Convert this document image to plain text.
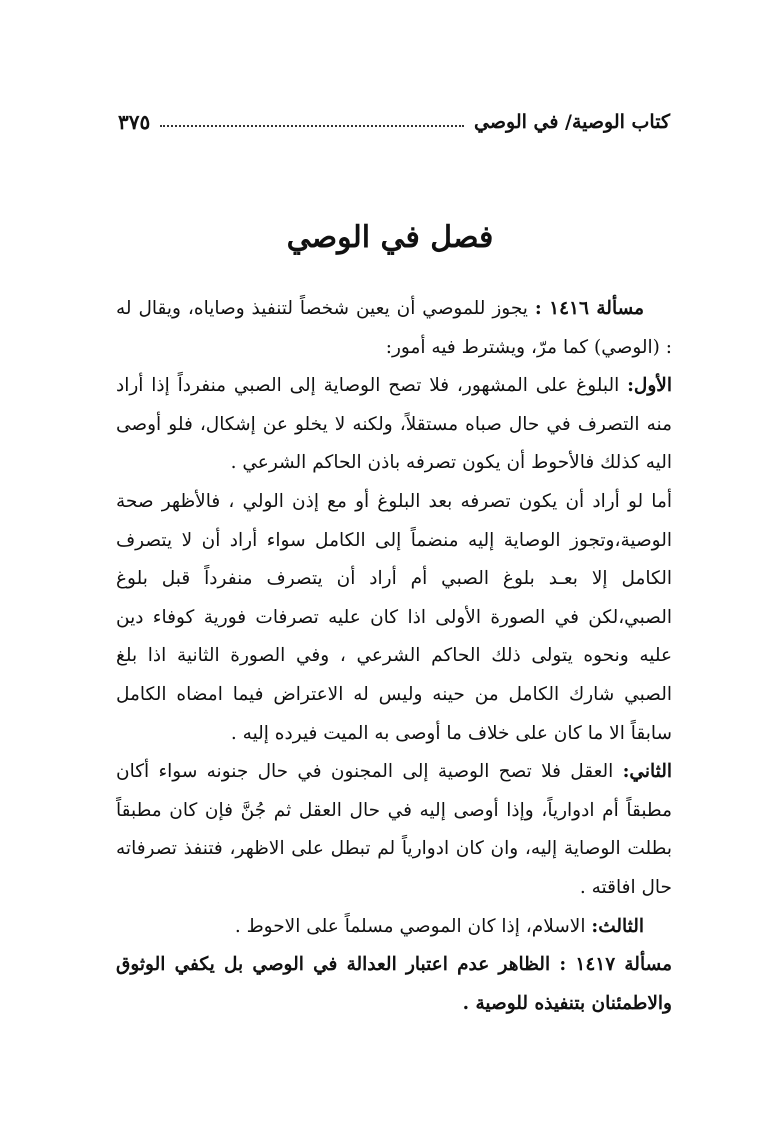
كتاب الوصية/ في الوصي
٣٧٥
فصل في الوصي

مسألة ١٤١٦ : يجوز للموصي أن يعين شخصاً لتنفيذ وصاياه، ويقال له : (الوصي) كما مرّ، ويشترط فيه أمور:

الأول: البلوغ على المشهور، فلا تصح الوصاية إلى الصبي منفرداً إذا أراد منه التصرف في حال صباه مستقلاً، ولكنه لا يخلو عن إشكال، فلو أوصى اليه كذلك فالأحوط أن يكون تصرفه باذن الحاكم الشرعي .

أما لو أراد أن يكون تصرفه بعد البلوغ أو مع إذن الولي ، فالأظهر صحة الوصية،وتجوز الوصاية إليه منضماً إلى الكامل سواء أراد أن لا يتصرف الكامل إلا بعـد بلوغ الصبي أم أراد أن يتصرف منفرداً قبل بلوغ الصبي،لكن في الصورة الأولى اذا كان عليه تصرفات فورية كوفاء دين عليه ونحوه يتولى ذلك الحاكم الشرعي ، وفي الصورة الثانية اذا بلغ الصبي شارك الكامل من حينه وليس له الاعتراض فيما امضاه الكامل سابقاً الا ما كان على خلاف ما أوصى به الميت فيرده إليه .

الثاني: العقل فلا تصح الوصية إلى المجنون في حال جنونه سواء أكان مطبقاً أم ادوارياً، وإذا أوصى إليه في حال العقل ثم جُنَّ فإن كان مطبقاً بطلت الوصاية إليه، وان كان ادوارياً لم تبطل على الاظهر، فتنفذ تصرفاته حال افاقته .

الثالث: الاسلام، إذا كان الموصي مسلماً على الاحوط .

مسألة ١٤١٧ : الظاهر عدم اعتبار العدالة في الوصي بل يكفي الوثوق والاطمئنان بتنفيذه للوصية .
